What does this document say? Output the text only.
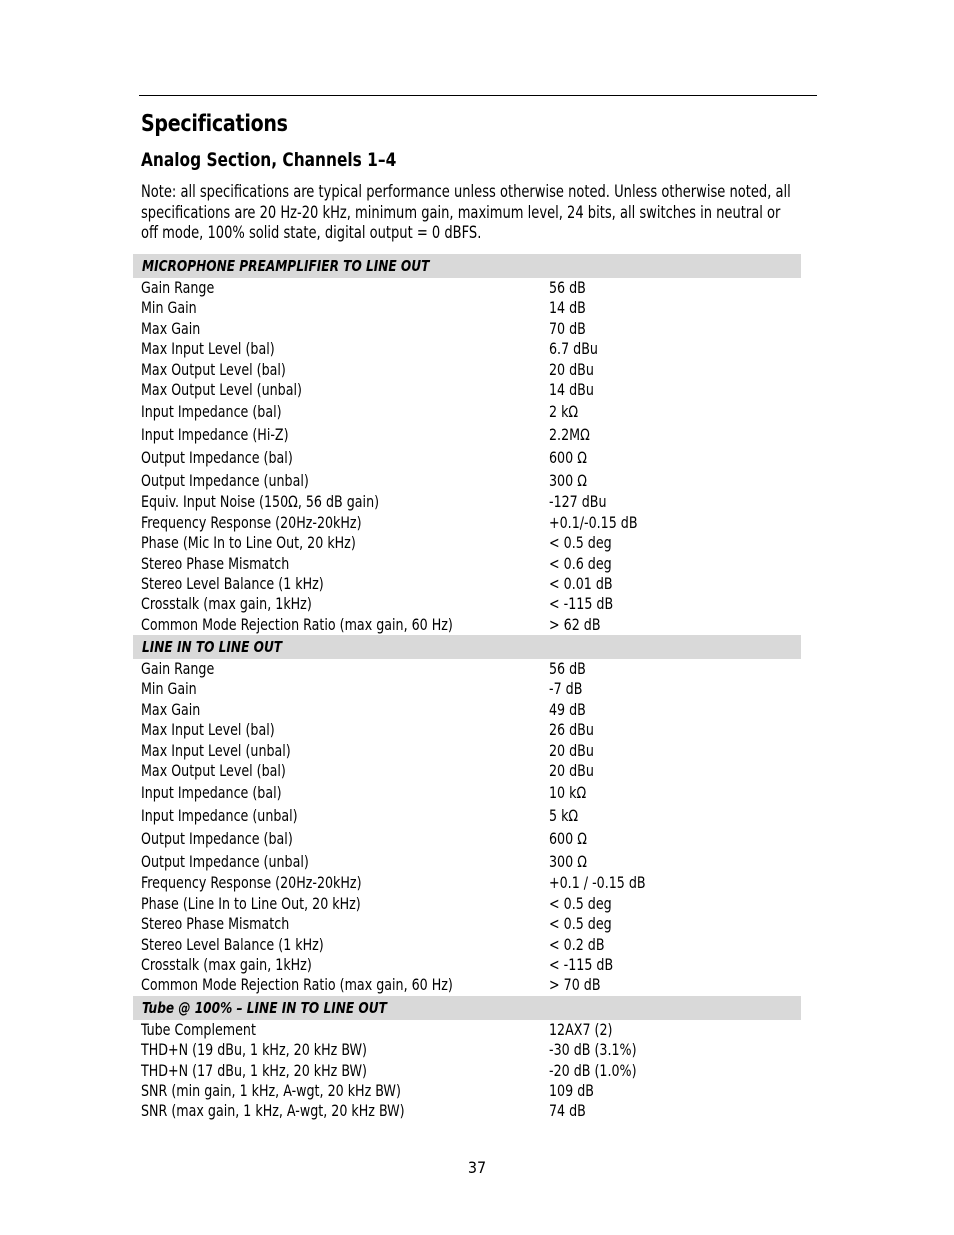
Specifications
Analog Section, Channels 1–4

Note: all specifications are typical performance unless otherwise noted. Unless otherwise noted, all specifications are 20 Hz-20 kHz, minimum gain, maximum level, 24 bits, all switches in neutral or off mode, 100% solid state, digital output = 0 dBFS.

MICROPHONE PREAMPLIFIER TO LINE OUT
Gain Range	56 dB
Min Gain	14 dB
Max Gain	70 dB
Max Input Level (bal)	6.7 dBu
Max Output Level (bal)	20 dBu
Max Output Level (unbal)	14 dBu
Input Impedance (bal)	2 kΩ
Input Impedance (Hi-Z)	2.2MΩ
Output Impedance (bal)	600 Ω
Output Impedance (unbal)	300 Ω
Equiv. Input Noise (150Ω, 56 dB gain)	-127 dBu
Frequency Response (20Hz-20kHz)	+0.1/-0.15 dB
Phase (Mic In to Line Out, 20 kHz)	< 0.5 deg
Stereo Phase Mismatch	< 0.6 deg
Stereo Level Balance (1 kHz)	< 0.01 dB
Crosstalk (max gain, 1kHz)	< -115 dB
Common Mode Rejection Ratio (max gain, 60 Hz)	> 62 dB
LINE IN TO LINE OUT
Gain Range	56 dB
Min Gain	-7 dB
Max Gain	49 dB
Max Input Level (bal)	26 dBu
Max Input Level (unbal)	20 dBu
Max Output Level (bal)	20 dBu
Input Impedance (bal)	10 kΩ
Input Impedance (unbal)	5 kΩ
Output Impedance (bal)	600 Ω
Output Impedance (unbal)	300 Ω
Frequency Response (20Hz-20kHz)	+0.1 / -0.15 dB
Phase (Line In to Line Out, 20 kHz)	< 0.5 deg
Stereo Phase Mismatch	< 0.5 deg
Stereo Level Balance (1 kHz)	< 0.2 dB
Crosstalk (max gain, 1kHz)	< -115 dB
Common Mode Rejection Ratio (max gain, 60 Hz)	> 70 dB
Tube @ 100% – LINE IN TO LINE OUT
Tube Complement	12AX7 (2)
THD+N (19 dBu, 1 kHz, 20 kHz BW)	-30 dB (3.1%)
THD+N (17 dBu, 1 kHz, 20 kHz BW)	-20 dB (1.0%)
SNR (min gain, 1 kHz, A-wgt, 20 kHz BW)	109 dB
SNR (max gain, 1 kHz, A-wgt, 20 kHz BW)	74 dB
37
